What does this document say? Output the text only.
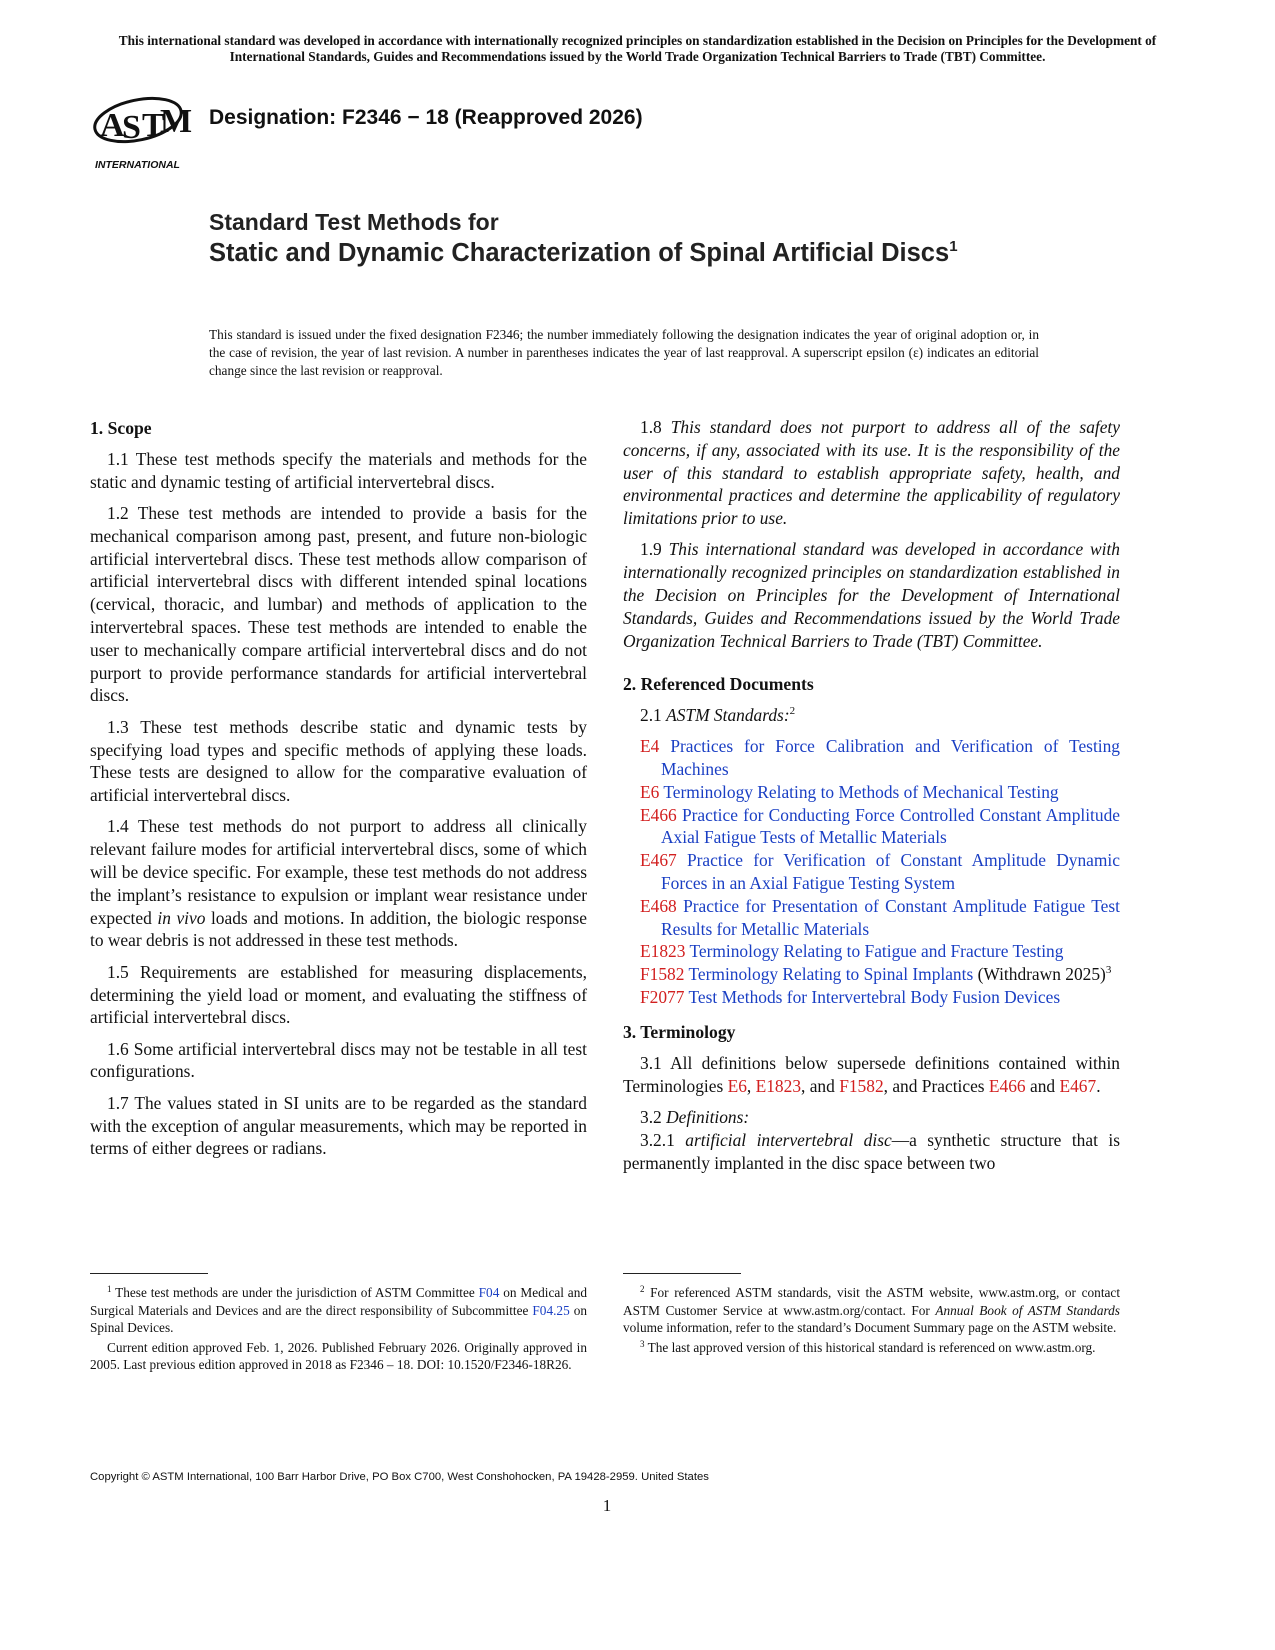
This international standard was developed in accordance with internationally recognized principles on standardization established in the Decision on Principles for the Development of International Standards, Guides and Recommendations issued by the World Trade Organization Technical Barriers to Trade (TBT) Committee.
A
S T
M
INTERNATIONAL
Designation: F2346 − 18 (Reapproved 2026)
Standard Test Methods for
Static and Dynamic Characterization of Spinal Artificial Discs$^1$
This standard is issued under the fixed designation F2346; the number immediately following the designation indicates the year of original adoption or, in the case of revision, the year of last revision. A number in parentheses indicates the year of last reapproval. A superscript epsilon (ε) indicates an editorial change since the last revision or reapproval.
1. Scope

1.1 These test methods specify the materials and methods for the static and dynamic testing of artificial intervertebral discs.

1.2 These test methods are intended to provide a basis for the mechanical comparison among past, present, and future non-biologic artificial intervertebral discs. These test methods allow comparison of artificial intervertebral discs with different intended spinal locations (cervical, thoracic, and lumbar) and methods of application to the intervertebral spaces. These test methods are intended to enable the user to mechanically compare artificial intervertebral discs and do not purport to provide performance standards for artificial intervertebral discs.

1.3 These test methods describe static and dynamic tests by specifying load types and specific methods of applying these loads. These tests are designed to allow for the comparative evaluation of artificial intervertebral discs.

1.4 These test methods do not purport to address all clinically relevant failure modes for artificial intervertebral discs, some of which will be device specific. For example, these test methods do not address the implant’s resistance to expulsion or implant wear resistance under expected in vivo loads and motions. In addition, the biologic response to wear debris is not addressed in these test methods.

1.5 Requirements are established for measuring displacements, determining the yield load or moment, and evaluating the stiffness of artificial intervertebral discs.

1.6 Some artificial intervertebral discs may not be testable in all test configurations.

1.7 The values stated in SI units are to be regarded as the standard with the exception of angular measurements, which may be reported in terms of either degrees or radians.

1.8 This standard does not purport to address all of the safety concerns, if any, associated with its use. It is the responsibility of the user of this standard to establish appropriate safety, health, and environmental practices and determine the applicability of regulatory limitations prior to use.

1.9 This international standard was developed in accordance with internationally recognized principles on standardization established in the Decision on Principles for the Development of International Standards, Guides and Recommendations issued by the World Trade Organization Technical Barriers to Trade (TBT) Committee.

2. Referenced Documents

2.1 ASTM Standards:$^2$

E4 Practices for Force Calibration and Verification of Testing Machines
E6 Terminology Relating to Methods of Mechanical Testing
E466 Practice for Conducting Force Controlled Constant Amplitude Axial Fatigue Tests of Metallic Materials
E467 Practice for Verification of Constant Amplitude Dynamic Forces in an Axial Fatigue Testing System
E468 Practice for Presentation of Constant Amplitude Fatigue Test Results for Metallic Materials
E1823 Terminology Relating to Fatigue and Fracture Testing
F1582 Terminology Relating to Spinal Implants (Withdrawn 2025)$^3$
F2077 Test Methods for Intervertebral Body Fusion Devices
3. Terminology

3.1 All definitions below supersede definitions contained within Terminologies E6, E1823, and F1582, and Practices E466 and E467.

3.2 Definitions:

3.2.1 artificial intervertebral disc—a synthetic structure that is permanently implanted in the disc space between two

$^1$ These test methods are under the jurisdiction of ASTM Committee F04 on Medical and Surgical Materials and Devices and are the direct responsibility of Subcommittee F04.25 on Spinal Devices.

Current edition approved Feb. 1, 2026. Published February 2026. Originally approved in 2005. Last previous edition approved in 2018 as F2346 – 18. DOI: 10.1520/F2346-18R26.

$^2$ For referenced ASTM standards, visit the ASTM website, www.astm.org, or contact ASTM Customer Service at www.astm.org/contact. For Annual Book of ASTM Standards volume information, refer to the standard’s Document Summary page on the ASTM website.

$^3$ The last approved version of this historical standard is referenced on www.astm.org.

Copyright © ASTM International, 100 Barr Harbor Drive, PO Box C700, West Conshohocken, PA 19428-2959. United States
1
